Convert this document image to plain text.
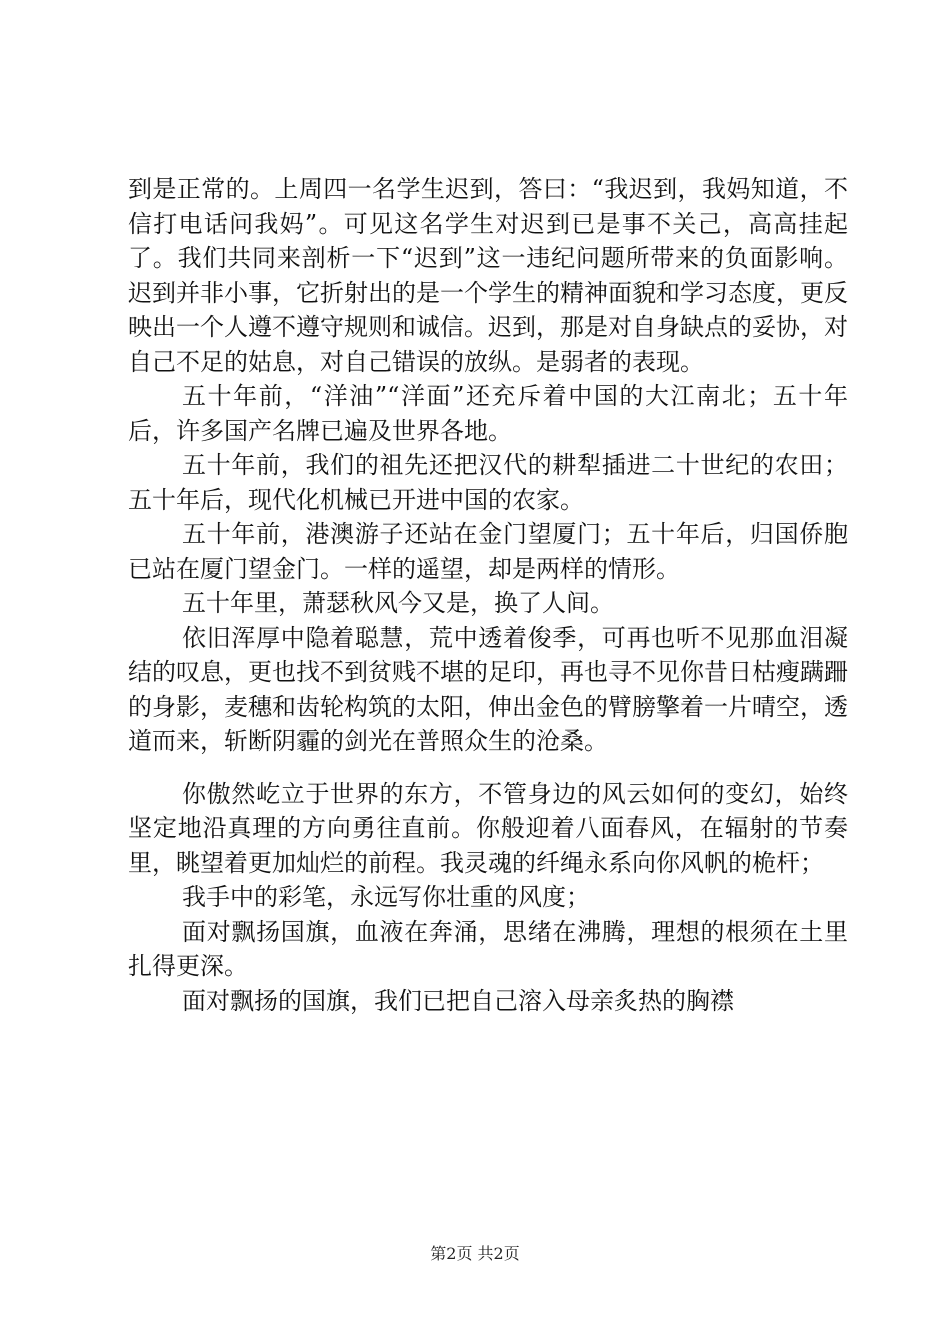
到是正常的。上周四一名学生迟到，答曰：“我迟到，我妈知道，不信打电话问我妈”。可见这名学生对迟到已是事不关己，高高挂起了。我们共同来剖析一下“迟到”这一违纪问题所带来的负面影响。迟到并非小事，它折射出的是一个学生的精神面貌和学习态度，更反映出一个人遵不遵守规则和诚信。迟到，那是对自身缺点的妥协，对自己不足的姑息，对自己错误的放纵。是弱者的表现。

五十年前，“洋油”“洋面”还充斥着中国的大江南北；五十年后，许多国产名牌已遍及世界各地。

五十年前，我们的祖先还把汉代的耕犁插进二十世纪的农田；五十年后，现代化机械已开进中国的农家。

五十年前，港澳游子还站在金门望厦门；五十年后，归国侨胞已站在厦门望金门。一样的遥望，却是两样的情形。

五十年里，萧瑟秋风今又是，换了人间。

依旧浑厚中隐着聪慧，荒中透着俊季，可再也听不见那血泪凝结的叹息，更也找不到贫贱不堪的足印，再也寻不见你昔日枯瘦蹒跚的身影，麦穗和齿轮构筑的太阳，伸出金色的臂膀擎着一片晴空，透道而来，斩断阴霾的剑光在普照众生的沧桑。

你傲然屹立于世界的东方，不管身边的风云如何的变幻，始终坚定地沿真理的方向勇往直前。你般迎着八面春风，在辐射的节奏里，眺望着更加灿烂的前程。我灵魂的纤绳永系向你风帆的桅杆；

我手中的彩笔，永远写你壮重的风度；

面对飘扬国旗，血液在奔涌，思绪在沸腾，理想的根须在土里扎得更深。

面对飘扬的国旗，我们已把自己溶入母亲炙热的胸襟

第2页 共2页
